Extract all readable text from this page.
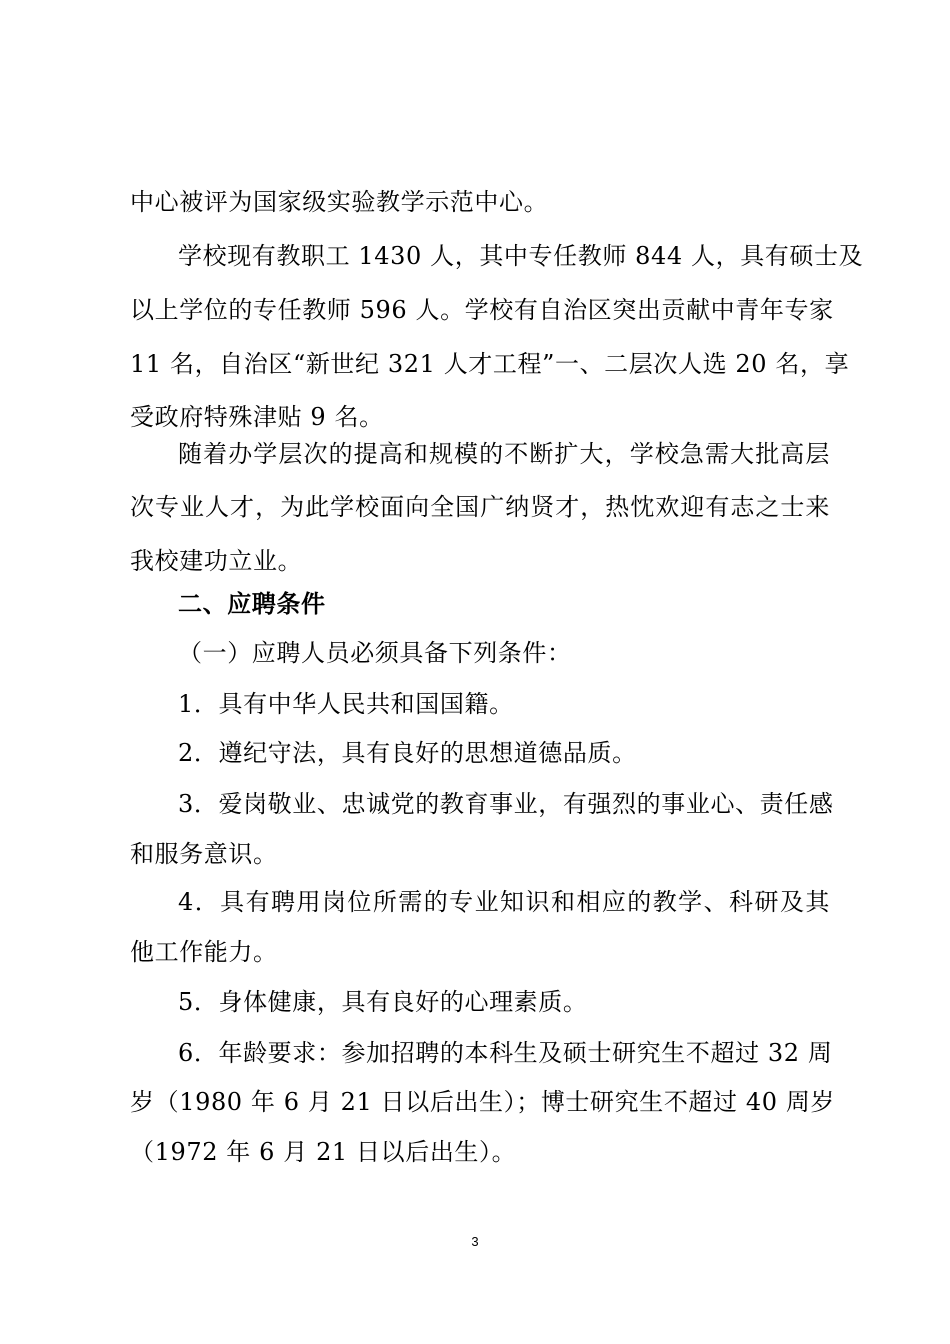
中心被评为国家级实验教学示范中心。
学校现有教职工 1430 人，其中专任教师 844 人，具有硕士及
以上学位的专任教师 596 人。学校有自治区突出贡献中青年专家
11 名，自治区“新世纪 321 人才工程”一、二层次人选 20 名，享
受政府特殊津贴 9 名。
随着办学层次的提高和规模的不断扩大，学校急需大批高层
次专业人才，为此学校面向全国广纳贤才，热忱欢迎有志之士来
我校建功立业。
二、应聘条件
（一）应聘人员必须具备下列条件：
1．具有中华人民共和国国籍。
2．遵纪守法，具有良好的思想道德品质。
3．爱岗敬业、忠诚党的教育事业，有强烈的事业心、责任感
和服务意识。
4．具有聘用岗位所需的专业知识和相应的教学、科研及其
他工作能力。
5．身体健康，具有良好的心理素质。
6．年龄要求：参加招聘的本科生及硕士研究生不超过 32 周
岁（1980 年 6 月 21 日以后出生）；博士研究生不超过 40 周岁
（1972 年 6 月 21 日以后出生）。
3
